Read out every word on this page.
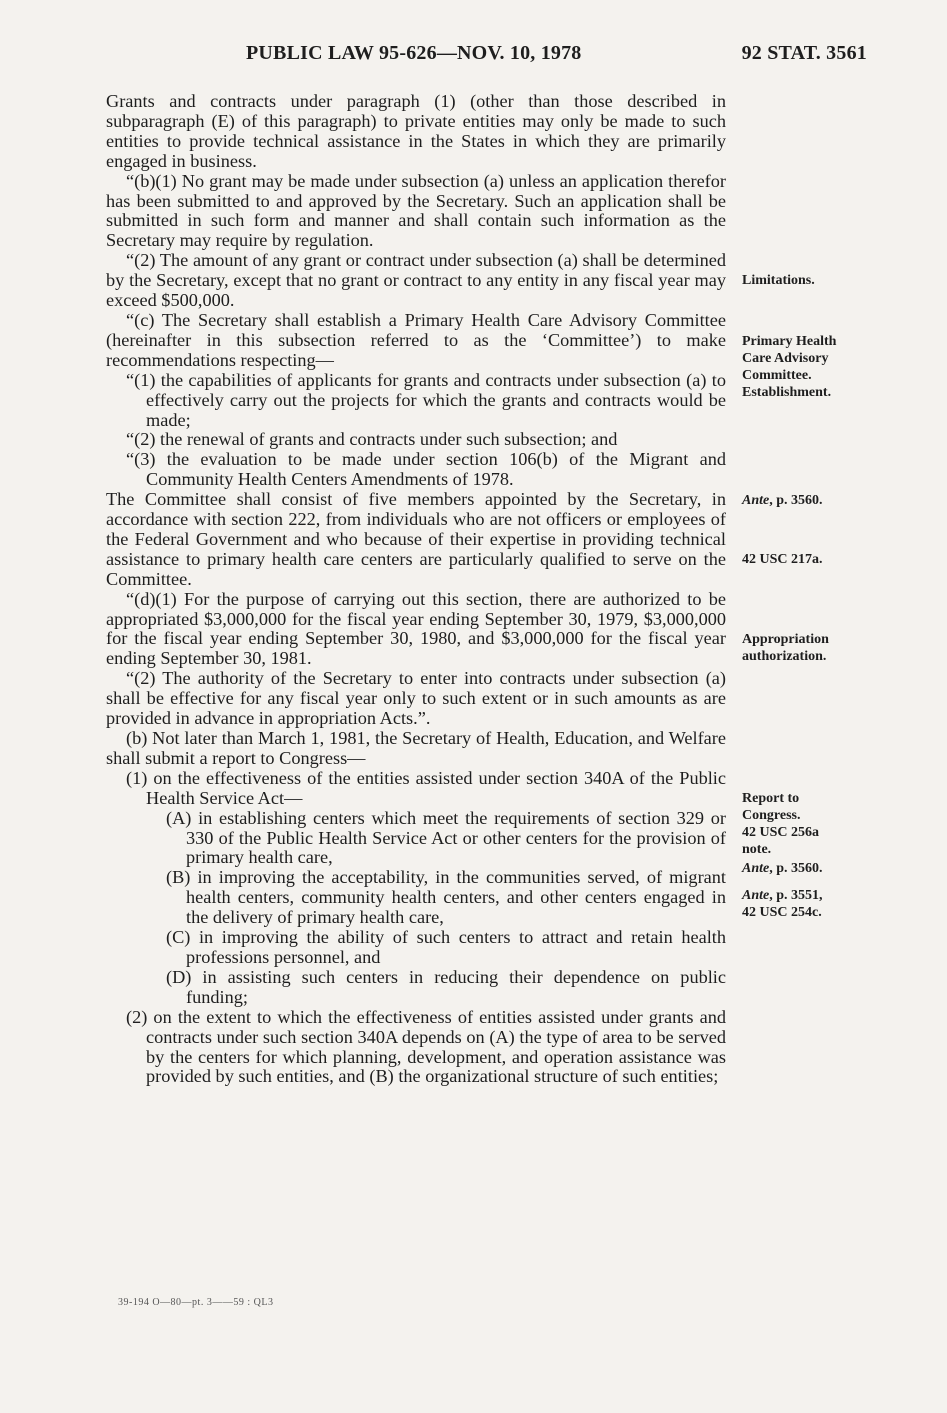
PUBLIC LAW 95-626—NOV. 10, 1978	92 STAT. 3561

Grants and contracts under paragraph (1) (other than those described in subparagraph (E) of this paragraph) to private entities may only be made to such entities to provide technical assistance in the States in which they are primarily engaged in business.

“(b)(1) No grant may be made under subsection (a) unless an application therefor has been submitted to and approved by the Secretary. Such an application shall be submitted in such form and manner and shall contain such information as the Secretary may require by regulation.

“(2) The amount of any grant or contract under subsection (a) shall be determined by the Secretary, except that no grant or contract to any entity in any fiscal year may exceed $500,000.

“(c) The Secretary shall establish a Primary Health Care Advisory Committee (hereinafter in this subsection referred to as the ‘Committee’) to make recommendations respecting—

“(1) the capabilities of applicants for grants and contracts under subsection (a) to effectively carry out the projects for which the grants and contracts would be made;

“(2) the renewal of grants and contracts under such subsection; and

“(3) the evaluation to be made under section 106(b) of the Migrant and Community Health Centers Amendments of 1978.

The Committee shall consist of five members appointed by the Secretary, in accordance with section 222, from individuals who are not officers or employees of the Federal Government and who because of their expertise in providing technical assistance to primary health care centers are particularly qualified to serve on the Committee.

“(d)(1) For the purpose of carrying out this section, there are authorized to be appropriated $3,000,000 for the fiscal year ending September 30, 1979, $3,000,000 for the fiscal year ending September 30, 1980, and $3,000,000 for the fiscal year ending September 30, 1981.

“(2) The authority of the Secretary to enter into contracts under subsection (a) shall be effective for any fiscal year only to such extent or in such amounts as are provided in advance in appropriation Acts.”.

(b) Not later than March 1, 1981, the Secretary of Health, Education, and Welfare shall submit a report to Congress—

(1) on the effectiveness of the entities assisted under section 340A of the Public Health Service Act—

(A) in establishing centers which meet the requirements of section 329 or 330 of the Public Health Service Act or other centers for the provision of primary health care,

(B) in improving the acceptability, in the communities served, of migrant health centers, community health centers, and other centers engaged in the delivery of primary health care,

(C) in improving the ability of such centers to attract and retain health professions personnel, and

(D) in assisting such centers in reducing their dependence on public funding;

(2) on the extent to which the effectiveness of entities assisted under grants and contracts under such section 340A depends on (A) the type of area to be served by the centers for which planning, development, and operation assistance was provided by such entities, and (B) the organizational structure of such entities;

Limitations.
Primary Health
Care Advisory
Committee.
Establishment.
Ante, p. 3560.
42 USC 217a.
Appropriation
authorization.
Report to
Congress.
42 USC 256a
note.
Ante, p. 3560.
Ante, p. 3551,
42 USC 254c.
39-194 O—80—pt. 3——59 : QL3
